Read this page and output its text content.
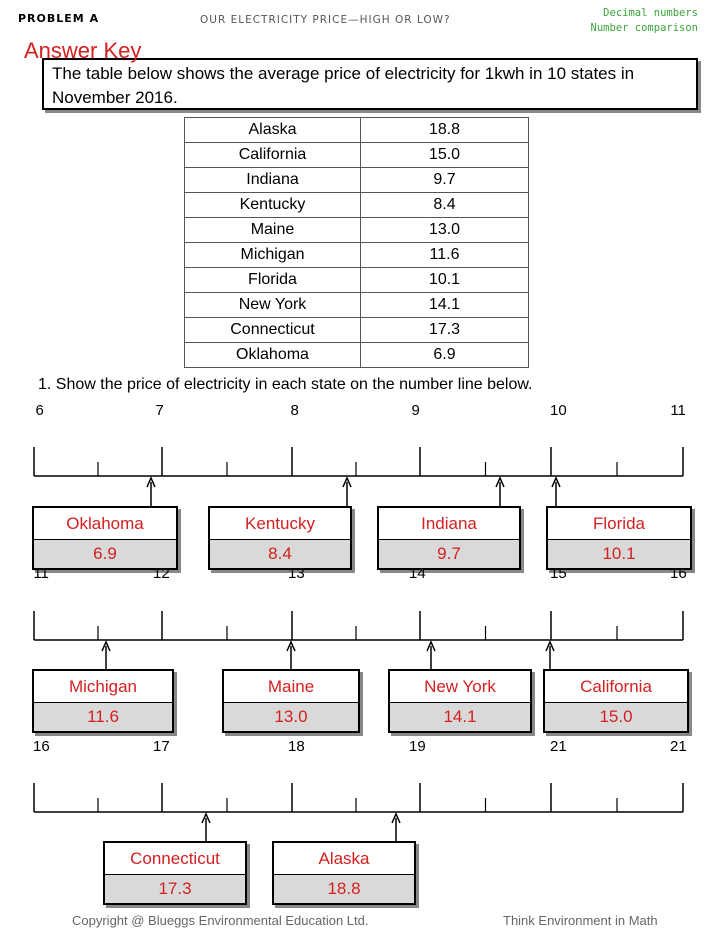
PROBLEM A	OUR ELECTRICITY PRICE—HIGH OR LOW?
Decimal numbers
Number comparison
The table below shows the average price of electricity for 1kwh in 10 states in November 2016.
Answer Key
Alaska	18.8
California	15.0
Indiana	9.7
Kentucky	8.4
Maine	13.0
Michigan	11.6
Florida	10.1
New York	14.1
Connecticut	17.3
Oklahoma	6.9
1. Show the price of electricity in each state on the number line below.
6	7	8	9	10	11
Oklahoma
6.9
Kentucky
8.4
Indiana
9.7
Florida
10.1
11	12	13	14	15	16
Michigan
11.6
Maine
13.0
New York
14.1
California
15.0
16	17	18	19	21	21
Connecticut
17.3
Alaska
18.8
Copyright @ Blueggs Environmental Education Ltd.	Think Environment in Math
